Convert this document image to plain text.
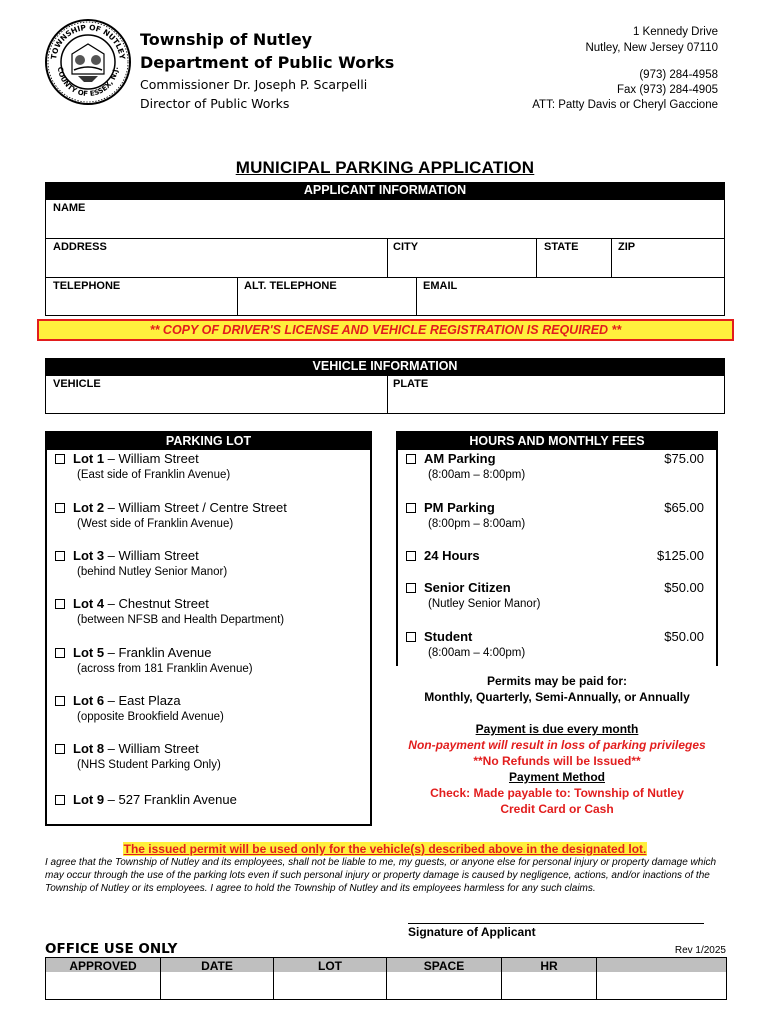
TOWNSHIP OF NUTLEY
COUNTY OF ESSEX, N.J.
Township of Nutley
Department of Public Works
Commissioner Dr. Joseph P. Scarpelli
Director of Public Works
1 Kennedy Drive
Nutley, New Jersey 07110
(973) 284-4958
Fax (973) 284-4905
ATT: Patty Davis or Cheryl Gaccione
MUNICIPAL PARKING APPLICATION
APPLICANT INFORMATION
NAME
ADDRESS	CITY	STATE	ZIP
TELEPHONE	ALT. TELEPHONE	EMAIL
** COPY OF DRIVER'S LICENSE AND VEHICLE REGISTRATION IS REQUIRED **
VEHICLE INFORMATION
VEHICLE	PLATE
PARKING LOT
Lot 1 – William Street
(East side of Franklin Avenue)
Lot 2 – William Street / Centre Street
(West side of Franklin Avenue)
Lot 3 – William Street
(behind Nutley Senior Manor)
Lot 4 – Chestnut Street
(between NFSB and Health Department)
Lot 5 – Franklin Avenue
(across from 181 Franklin Avenue)
Lot 6 – East Plaza
(opposite Brookfield Avenue)
Lot 8 – William Street
(NHS Student Parking Only)
Lot 9 – 527 Franklin Avenue
HOURS AND MONTHLY FEES
AM Parking	$75.00
(8:00am – 8:00pm)
PM Parking	$65.00
(8:00pm – 8:00am)
24 Hours	$125.00
Senior Citizen	$50.00
(Nutley Senior Manor)
Student	$50.00
(8:00am – 4:00pm)
Permits may be paid for:
Monthly, Quarterly, Semi-Annually, or Annually
Payment is due every month
Non-payment will result in loss of parking privileges
**No Refunds will be Issued**
Payment Method
Check: Made payable to: Township of Nutley
Credit Card or Cash
The issued permit will be used only for the vehicle(s) described above in the designated lot.
I agree that the Township of Nutley and its employees, shall not be liable to me, my guests, or anyone else for personal injury or property damage which may occur through the use of the parking lots even if such personal injury or property damage is caused by negligence, actions, and/or inactions of the Township of Nutley or its employees. I agree to hold the Township of Nutley and its employees harmless for any such claims.
Signature of Applicant
OFFICE USE ONLY	Rev 1/2025
APPROVED	DATE	LOT	SPACE	HR
